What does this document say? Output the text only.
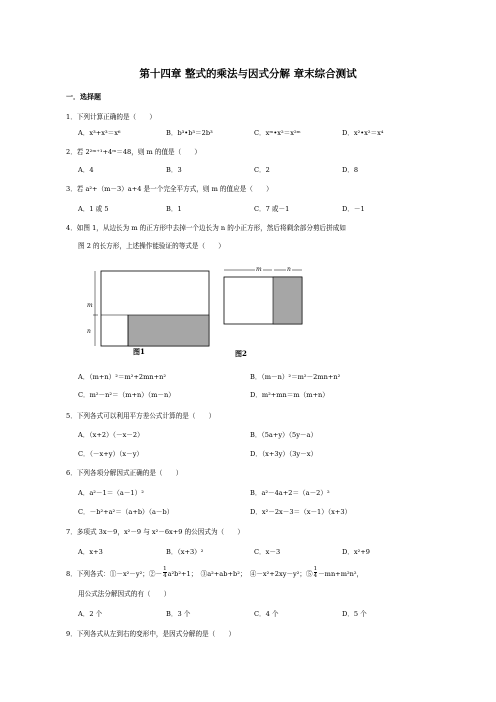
第十四章 整式的乘法与因式分解 章末综合测试
一．选择题
1．下列计算正确的是（　　）
A．x³+x³＝x⁶	B．b³•b³＝2b³	C．xᵐ•x²＝x²ᵐ	D．x²•x²＝x⁴
2．若 2²ᵐ⁺¹+4ᵐ＝48，则 m 的值是（　　）
A．4	B．3	C．2	D．8
3．若 a²+（m－3）a+4 是一个完全平方式，则 m 的值应是（　　）
A．1 或 5	B．1	C．7 或－1	D．－1
4．如图 1，从边长为 m 的正方形中去掉一个边长为 n 的小正方形，然后将剩余部分剪后拼成如
图 2 的长方形，上述操作能验证的等式是（　　）
m
n
图1
m	n
图2
A．（m+n）²＝m²+2mn+n²	B．（m－n）²＝m²－2mn+n²
C．m²－n²＝（m+n）（m－n）	D．m²+mn＝m（m+n）
5．下列各式可以利用平方差公式计算的是（　　）
A．（x+2）（－x－2）	B．（5a+y）（5y－a）
C．（－x+y）（x－y）	D．（x+3y）（3y－x）
6．下列各项分解因式正确的是（　　）
A．a²－1＝（a－1）²	B．a²－4a+2＝（a－2）²
C．－b²+a²＝（a+b）（a－b）	D．x²－2x－3＝（x－1）（x+3）
7．多项式 3x－9，x²－9 与 x²－6x+9 的公因式为（　　）
A．x+3	B．（x+3）²	C．x－3	D．x²+9
8．下列各式：①－x²－y²；②－ $\frac{1}{4} a^2b^2+1$；　③a²+ab+b²；　④－x²+2xy－y²；⑤ $\frac{1}{4} -mn+m^2n^2$，
用公式法分解因式的有（　　）
A．2 个	B．3 个	C．4 个	D．5 个
9．下列各式从左到右的变形中，是因式分解的是（　　）
